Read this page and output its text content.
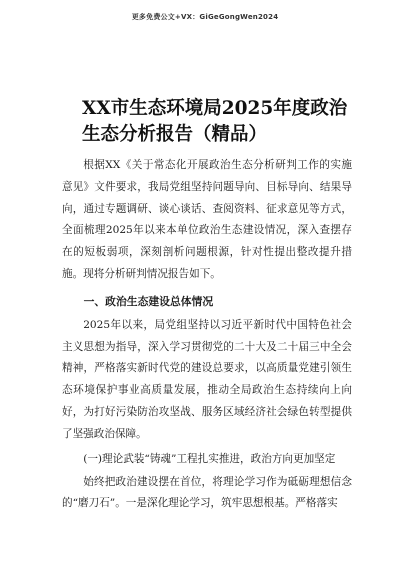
更多免费公文+VX：GiGeGongWen2024
XX市生态环境局2025年度政治生态分析报告（精品）

根据XX《关于常态化开展政治生态分析研判工作的实施意见》文件要求，我局党组坚持问题导向、目标导向、结果导向，通过专题调研、谈心谈话、查阅资料、征求意见等方式，全面梳理2025年以来本单位政治生态建设情况，深入查摆存在的短板弱项，深刻剖析问题根源，针对性提出整改提升措施。现将分析研判情况报告如下。

一、政治生态建设总体情况

2025年以来，局党组坚持以习近平新时代中国特色社会主义思想为指导，深入学习贯彻党的二十大及二十届三中全会精神，严格落实新时代党的建设总要求，以高质量党建引领生态环境保护事业高质量发展，推动全局政治生态持续向上向好，为打好污染防治攻坚战、服务区域经济社会绿色转型提供了坚强政治保障。

(一)理论武装“铸魂”工程扎实推进，政治方向更加坚定

始终把政治建设摆在首位，将理论学习作为砥砺理想信念的“磨刀石”。一是深化理论学习，筑牢思想根基。严格落实
